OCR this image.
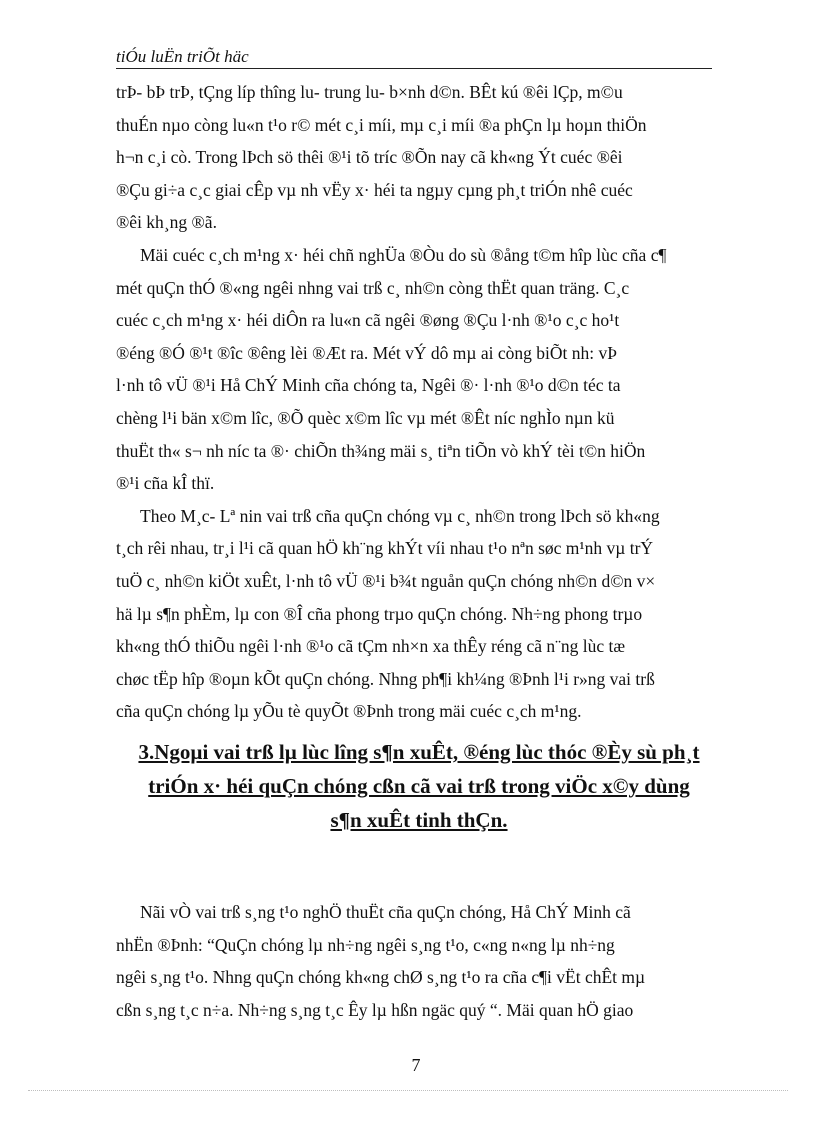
tiÓu luËn triÕt häc
trÞ- bÞ trÞ, tÇng líp thîng lu- trung lu- b×nh d©n. BÊt kú ®êi lÇp, m©u
thuÉn nµo còng lu«n t¹o r© mét c¸i míi, mµ c¸i míi ®a phÇn lµ hoµn thiÖn
h¬n c¸i cò. Trong lÞch sö thêi ®¹i tõ tríc ®Õn nay cã kh«ng Ýt cuéc ®êi
®Çu gi÷a c¸c giai cÊp vµ nh vËy x· héi ta ngµy cµng ph¸t triÓn nhê cuéc
®êi kh¸ng ®ã.
Mäi cuéc c¸ch m¹ng x· héi chñ nghÜa ®Òu do sù ®ång t©m hîp lùc cña c¶
mét quÇn thÓ ®«ng ngêi nhng vai trß c¸ nh©n còng thËt quan träng. C¸c
cuéc c¸ch m¹ng x· héi diÔn ra lu«n cã ngêi ®øng ®Çu l·nh ®¹o c¸c ho¹t
®éng ®Ó ®¹t ®îc ®êng lèi ®Æt ra. Mét vÝ dô mµ ai còng biÕt nh: vÞ
l·nh tô vÜ ®¹i Hå ChÝ Minh cña chóng ta, Ngêi ®· l·nh ®¹o d©n téc ta
chèng l¹i bän x©m lîc, ®Õ quèc x©m lîc vµ mét ®Êt níc nghÌo nµn kü
thuËt th« s¬ nh níc ta ®· chiÕn th¾ng mäi s¸ tiªn tiÕn vò khÝ tèi t©n hiÖn
®¹i cña kÎ thï.
Theo M¸c- Lª nin vai trß cña quÇn chóng vµ c¸ nh©n trong lÞch sö kh«ng
t¸ch rêi nhau, tr¸i l¹i cã quan hÖ kh¨ng khÝt víi nhau t¹o nªn søc m¹nh vµ trÝ
tuÖ c¸ nh©n kiÖt xuÊt, l·nh tô vÜ ®¹i b¾t nguån quÇn chóng nh©n d©n v×
hä lµ s¶n phÈm, lµ con ®Î cña phong trµo quÇn chóng. Nh÷ng phong trµo
kh«ng thÓ thiÕu ngêi l·nh ®¹o cã tÇm nh×n xa thÊy réng cã n¨ng lùc tæ
chøc tËp hîp ®oµn kÕt quÇn chóng. Nhng ph¶i kh¼ng ®Þnh l¹i r»ng vai trß
cña quÇn chóng lµ yÕu tè quyÕt ®Þnh trong mäi cuéc c¸ch m¹ng.
3.Ngoµi vai trß lµ lùc lîng s¶n xuÊt, ®éng lùc thóc ®Èy sù ph¸t
triÓn x· héi quÇn chóng cßn cã vai trß trong viÖc x©y dùng
s¶n xuÊt tinh thÇn.
Nãi vÒ vai trß s¸ng t¹o nghÖ thuËt cña quÇn chóng, Hå ChÝ Minh cã
nhËn ®Þnh: “QuÇn chóng lµ nh÷ng ngêi s¸ng t¹o, c«ng n«ng lµ nh÷ng
ngêi s¸ng t¹o. Nhng quÇn chóng kh«ng chØ s¸ng t¹o ra cña c¶i vËt chÊt mµ
cßn s¸ng t¸c n÷a. Nh÷ng s¸ng t¸c Êy lµ hßn ngäc quý “. Mäi quan hÖ giao
7
